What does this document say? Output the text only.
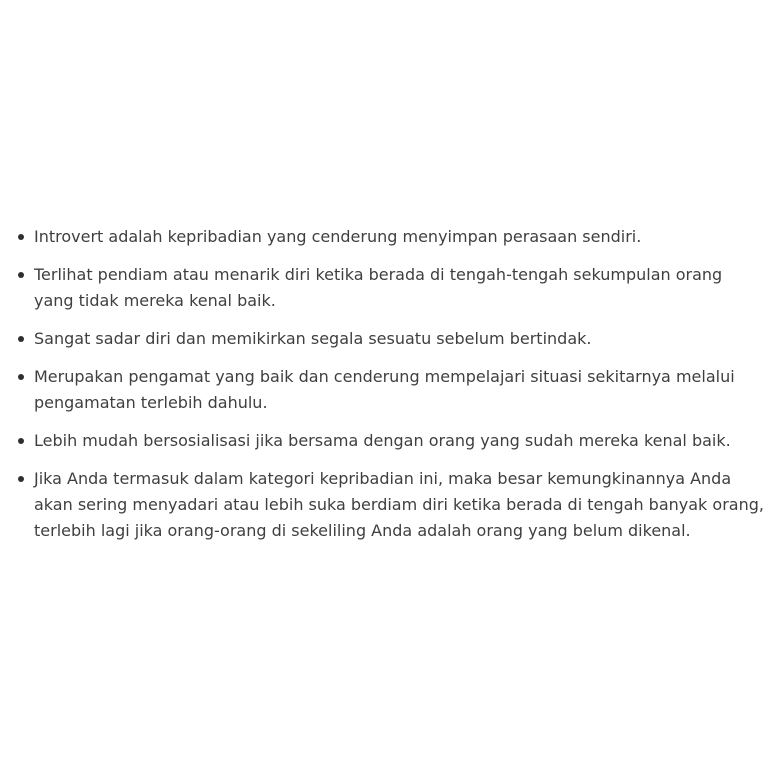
Introvert adalah kepribadian yang cenderung menyimpan perasaan sendiri.
Terlihat pendiam atau menarik diri ketika berada di tengah-tengah sekumpulan orang yang​ tidak mereka kenal baik.
Sangat sadar diri dan memikirkan segala sesuatu sebelum bertindak.
Merupakan pengamat yang baik dan cenderung mempelajari situasi sekitarnya melalui​ pengamatan terlebih dahulu.
Lebih mudah bersosialisasi jika bersama dengan orang yang sudah mereka kenal baik.
Jika Anda termasuk dalam kategori kepribadian ini, maka besar kemungkinannya Anda akan​ sering menyadari atau lebih suka berdiam diri ketika berada di tengah banyak orang, terlebih​ lagi jika orang-orang di sekeliling Anda adalah orang yang belum dikenal.
